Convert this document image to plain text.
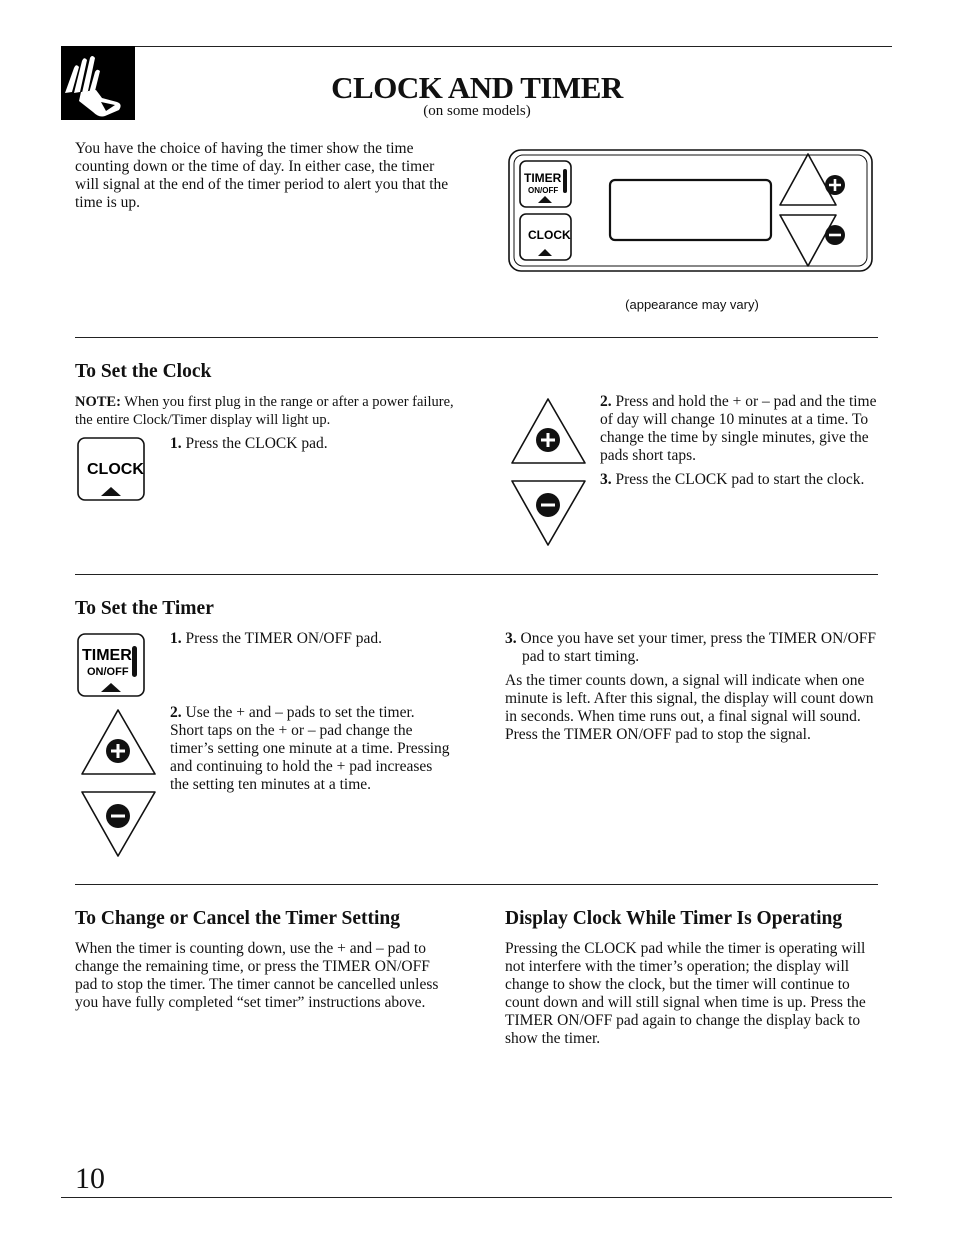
CLOCK AND TIMER
(on some models)
You have the choice of having the timer show the time counting down or the time of day. In either case, the timer will signal at the end of the timer period to alert you that the time is up.
TIMER
ON/OFF
CLOCK
(appearance may vary)
To Set the Clock
NOTE: When you first plug in the range or after a power failure, the entire Clock/Timer display will light up.
CLOCK
1. Press the CLOCK pad.
2. Press and hold the + or – pad and the time of day will change 10 minutes at a time. To change the time by single minutes, give the pads short taps.
3. Press the CLOCK pad to start the clock.
To Set the Timer
TIMER
ON/OFF
1. Press the TIMER ON/OFF pad.
2. Use the + and – pads to set the timer. Short taps on the + or – pad change the timer’s setting one minute at a time. Pressing and continuing to hold the + pad increases the setting ten minutes at a time.
3. Once you have set your timer, press the TIMER ON/OFF pad to start timing.
As the timer counts down, a signal will indicate when one minute is left. After this signal, the display will count down in seconds. When time runs out, a final signal will sound. Press the TIMER ON/OFF pad to stop the signal.
To Change or Cancel the Timer Setting
When the timer is counting down, use the + and – pad to change the remaining time, or press the TIMER ON/OFF pad to stop the timer. The timer cannot be cancelled unless you have fully completed “set timer” instructions above.
Display Clock While Timer Is Operating
Pressing the CLOCK pad while the timer is operating will not interfere with the timer’s operation; the display will change to show the clock, but the timer will continue to count down and will still signal when time is up. Press the TIMER ON/OFF pad again to change the display back to show the timer.
10
